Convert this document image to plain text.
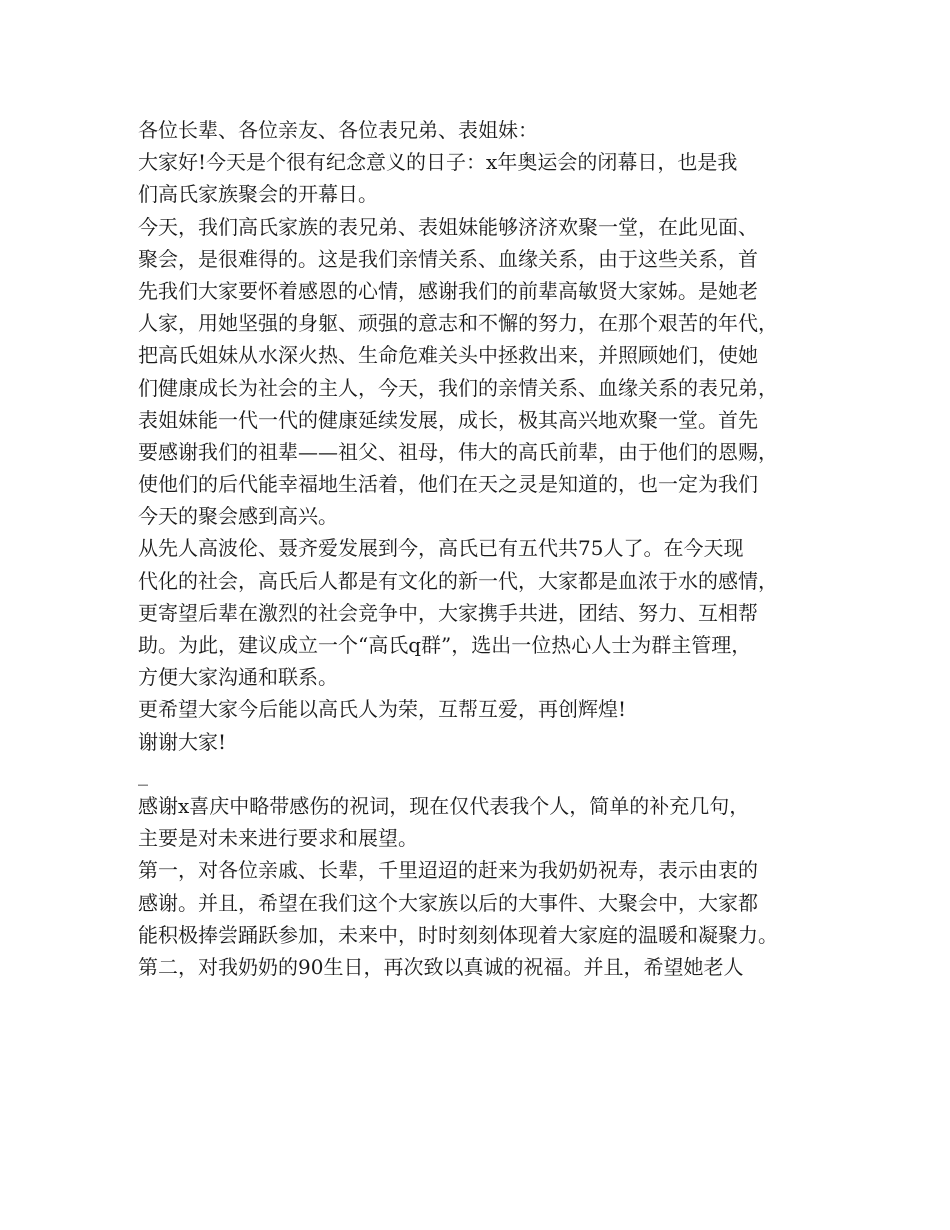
各位长辈、各位亲友、各位表兄弟、表姐妹：
大家好!今天是个很有纪念意义的日子：x年奥运会的闭幕日，也是我
们高氏家族聚会的开幕日。
今天，我们高氏家族的表兄弟、表姐妹能够济济欢聚一堂，在此见面、
聚会，是很难得的。这是我们亲情关系、血缘关系，由于这些关系，首
先我们大家要怀着感恩的心情，感谢我们的前辈高敏贤大家姊。是她老
人家，用她坚强的身躯、顽强的意志和不懈的努力，在那个艰苦的年代，
把高氏姐妹从水深火热、生命危难关头中拯救出来，并照顾她们，使她
们健康成长为社会的主人，今天，我们的亲情关系、血缘关系的表兄弟，
表姐妹能一代一代的健康延续发展，成长，极其高兴地欢聚一堂。首先
要感谢我们的祖辈——祖父、祖母，伟大的高氏前辈，由于他们的恩赐，
使他们的后代能幸福地生活着，他们在天之灵是知道的，也一定为我们
今天的聚会感到高兴。
从先人高波伦、聂齐爱发展到今，高氏已有五代共75人了。在今天现
代化的社会，高氏后人都是有文化的新一代，大家都是血浓于水的感情，
更寄望后辈在激烈的社会竞争中，大家携手共进，团结、努力、互相帮
助。为此，建议成立一个“高氏q群”，选出一位热心人士为群主管理，
方便大家沟通和联系。
更希望大家今后能以高氏人为荣，互帮互爱，再创辉煌!
谢谢大家!
_
感谢x喜庆中略带感伤的祝词，现在仅代表我个人，简单的补充几句，
主要是对未来进行要求和展望。
第一，对各位亲戚、长辈，千里迢迢的赶来为我奶奶祝寿，表示由衷的
感谢。并且，希望在我们这个大家族以后的大事件、大聚会中，大家都
能积极捧尝踊跃参加，未来中，时时刻刻体现着大家庭的温暖和凝聚力。
第二，对我奶奶的90生日，再次致以真诚的祝福。并且，希望她老人
